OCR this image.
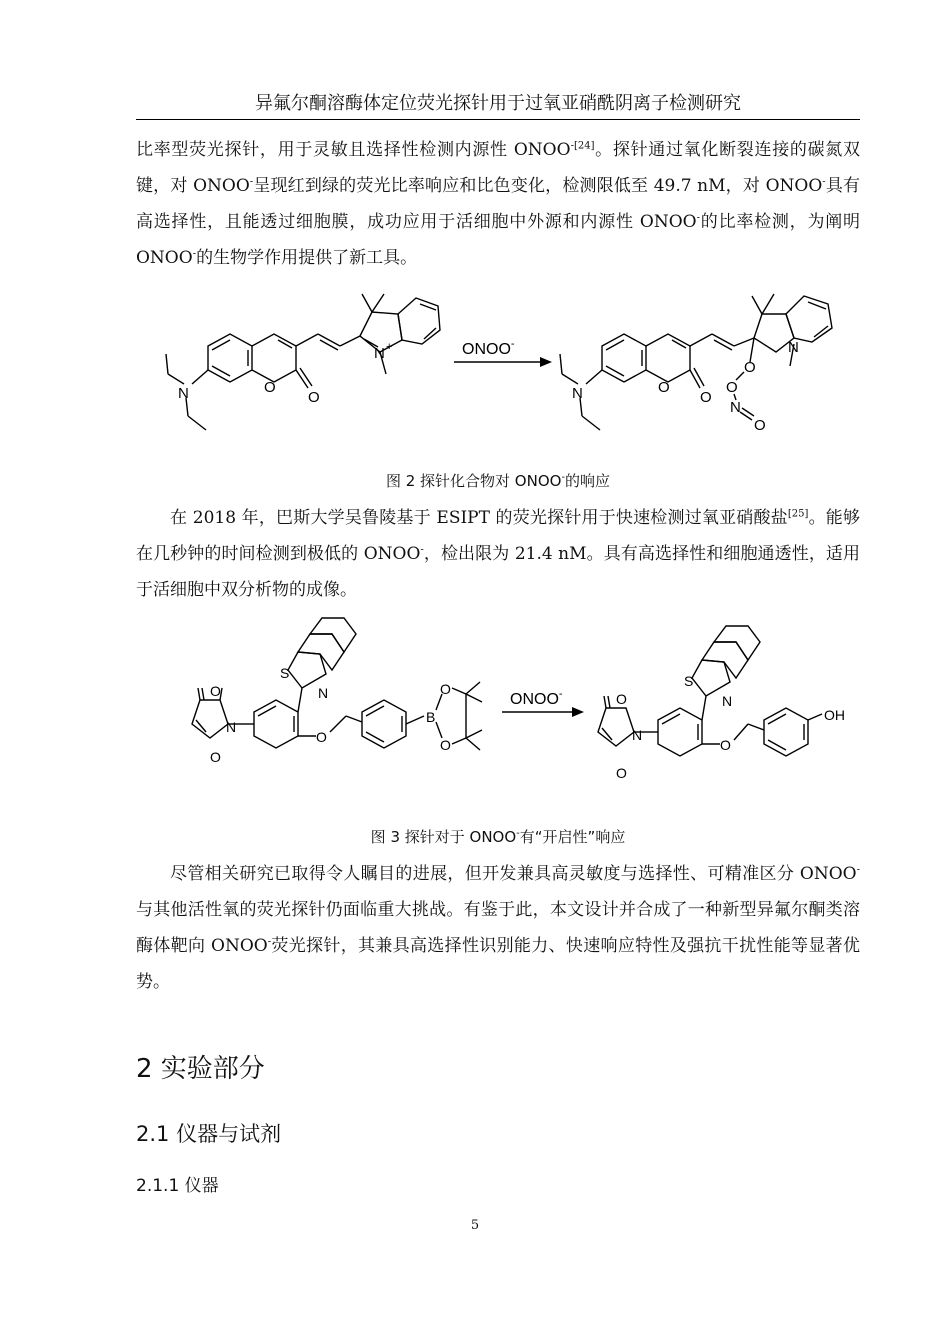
异氟尔酮溶酶体定位荧光探针用于过氧亚硝酰阴离子检测研究

比率型荧光探针，用于灵敏且选择性检测内源性 $ONOO^{-[24]}$。探针通过氧化断裂连接的碳氮双键，对 ONOO-呈现红到绿的荧光比率响应和比色变化，检测限低至 49.7 nM，对 ONOO-具有高选择性，且能透过细胞膜，成功应用于活细胞中外源和内源性 ONOO-的比率检测，为阐明 ONOO-的生物学作用提供了新工具。

N	O
O
N +	ONOO-
N	O
O
N
O
O
N
O
图 2 探针化合物对 ONOO-的响应

在 2018 年，巴斯大学吴鲁陵基于 ESIPT 的荧光探针用于快速检测过氧亚硝酸盐[25]。能够在几秒钟的时间检测到极低的 ONOO-，检出限为 21.4 nM。具有高选择性和细胞通透性，适用于活细胞中双分析物的成像。

O
N
O
S
N
O
B
O
O
ONOO-	O
N
O
S
N
O
OH
图 3 探针对于 ONOO-有“开启性”响应

尽管相关研究已取得令人瞩目的进展，但开发兼具高灵敏度与选择性、可精准区分 ONOO-与其他活性氧的荧光探针仍面临重大挑战。有鉴于此，本文设计并合成了一种新型异氟尔酮类溶酶体靶向 ONOO-荧光探针，其兼具高选择性识别能力、快速响应特性及强抗干扰性能等显著优势。

2 实验部分
2.1 仪器与试剂
2.1.1 仪器
5
